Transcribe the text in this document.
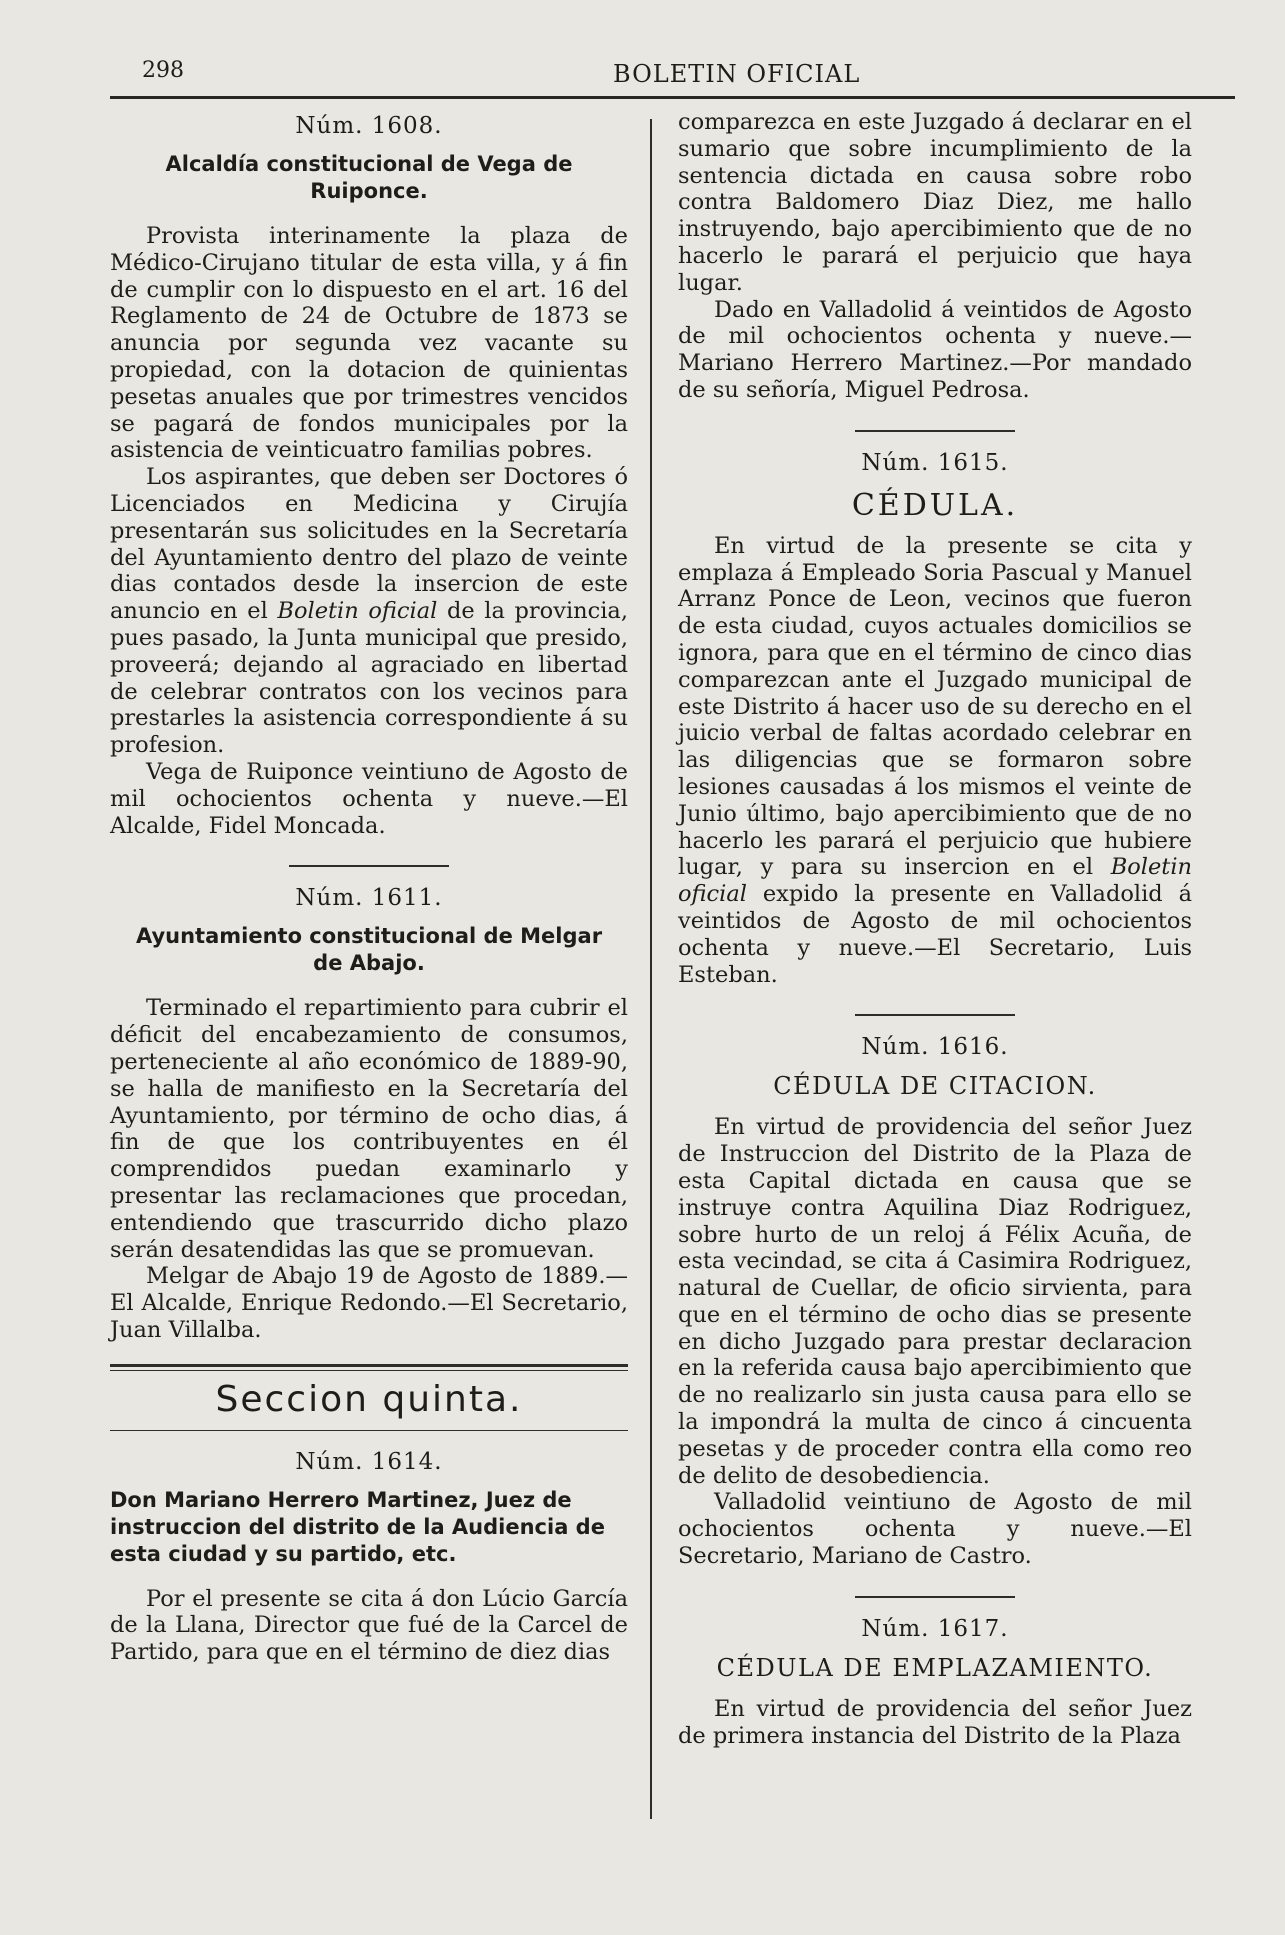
298	BOLETIN OFICIAL
Núm. 1608.
Alcaldía constitucional de Vega de Ruiponce.

Provista interinamente la plaza de Médico-Cirujano titular de esta villa, y á fin de cumplir con lo dispuesto en el art. 16 del Reglamento de 24 de Octubre de 1873 se anuncia por segunda vez vacante su propiedad, con la dotacion de quinientas pesetas anuales que por trimestres vencidos se pagará de fondos municipales por la asistencia de veinticuatro familias pobres.

Los aspirantes, que deben ser Doctores ó Licenciados en Medicina y Cirujía presentarán sus solicitudes en la Secretaría del Ayuntamiento dentro del plazo de veinte dias contados desde la insercion de este anuncio en el Boletin oficial de la provincia, pues pasado, la Junta municipal que presido, proveerá; dejando al agraciado en libertad de celebrar contratos con los vecinos para prestarles la asistencia correspondiente á su profesion.

Vega de Ruiponce veintiuno de Agosto de mil ochocientos ochenta y nueve.—El Alcalde, Fidel Moncada.

Núm. 1611.
Ayuntamiento constitucional de Melgar de Abajo.

Terminado el repartimiento para cubrir el déficit del encabezamiento de consumos, perteneciente al año económico de 1889-90, se halla de manifiesto en la Secretaría del Ayuntamiento, por término de ocho dias, á fin de que los contribuyentes en él comprendidos puedan examinarlo y presentar las reclamaciones que procedan, entendiendo que trascurrido dicho plazo serán desatendidas las que se promuevan.

Melgar de Abajo 19 de Agosto de 1889.—El Alcalde, Enrique Redondo.—El Secretario, Juan Villalba.

Seccion quinta.
Núm. 1614.
Don Mariano Herrero Martinez, Juez de instruccion del distrito de la Audiencia de esta ciudad y su partido, etc.

Por el presente se cita á don Lúcio García de la Llana, Director que fué de la Carcel de Partido, para que en el término de diez dias

comparezca en este Juzgado á declarar en el sumario que sobre incumplimiento de la sentencia dictada en causa sobre robo contra Baldomero Diaz Diez, me hallo instruyendo, bajo apercibimiento que de no hacerlo le parará el perjuicio que haya lugar.

Dado en Valladolid á veintidos de Agosto de mil ochocientos ochenta y nueve.—Mariano Herrero Martinez.—Por mandado de su señoría, Miguel Pedrosa.

Núm. 1615.
CÉDULA.

En virtud de la presente se cita y emplaza á Empleado Soria Pascual y Manuel Arranz Ponce de Leon, vecinos que fueron de esta ciudad, cuyos actuales domicilios se ignora, para que en el término de cinco dias comparezcan ante el Juzgado municipal de este Distrito á hacer uso de su derecho en el juicio verbal de faltas acordado celebrar en las diligencias que se formaron sobre lesiones causadas á los mismos el veinte de Junio último, bajo apercibimiento que de no hacerlo les parará el perjuicio que hubiere lugar, y para su insercion en el Boletin oficial expido la presente en Valladolid á veintidos de Agosto de mil ochocientos ochenta y nueve.—El Secretario, Luis Esteban.

Núm. 1616.
CÉDULA DE CITACION.

En virtud de providencia del señor Juez de Instruccion del Distrito de la Plaza de esta Capital dictada en causa que se instruye contra Aquilina Diaz Rodriguez, sobre hurto de un reloj á Félix Acuña, de esta vecindad, se cita á Casimira Rodriguez, natural de Cuellar, de oficio sirvienta, para que en el término de ocho dias se presente en dicho Juzgado para prestar declaracion en la referida causa bajo apercibimiento que de no realizarlo sin justa causa para ello se la impondrá la multa de cinco á cincuenta pesetas y de proceder contra ella como reo de delito de desobediencia.

Valladolid veintiuno de Agosto de mil ochocientos ochenta y nueve.—El Secretario, Mariano de Castro.

Núm. 1617.
CÉDULA DE EMPLAZAMIENTO.

En virtud de providencia del señor Juez de primera instancia del Distrito de la Plaza
